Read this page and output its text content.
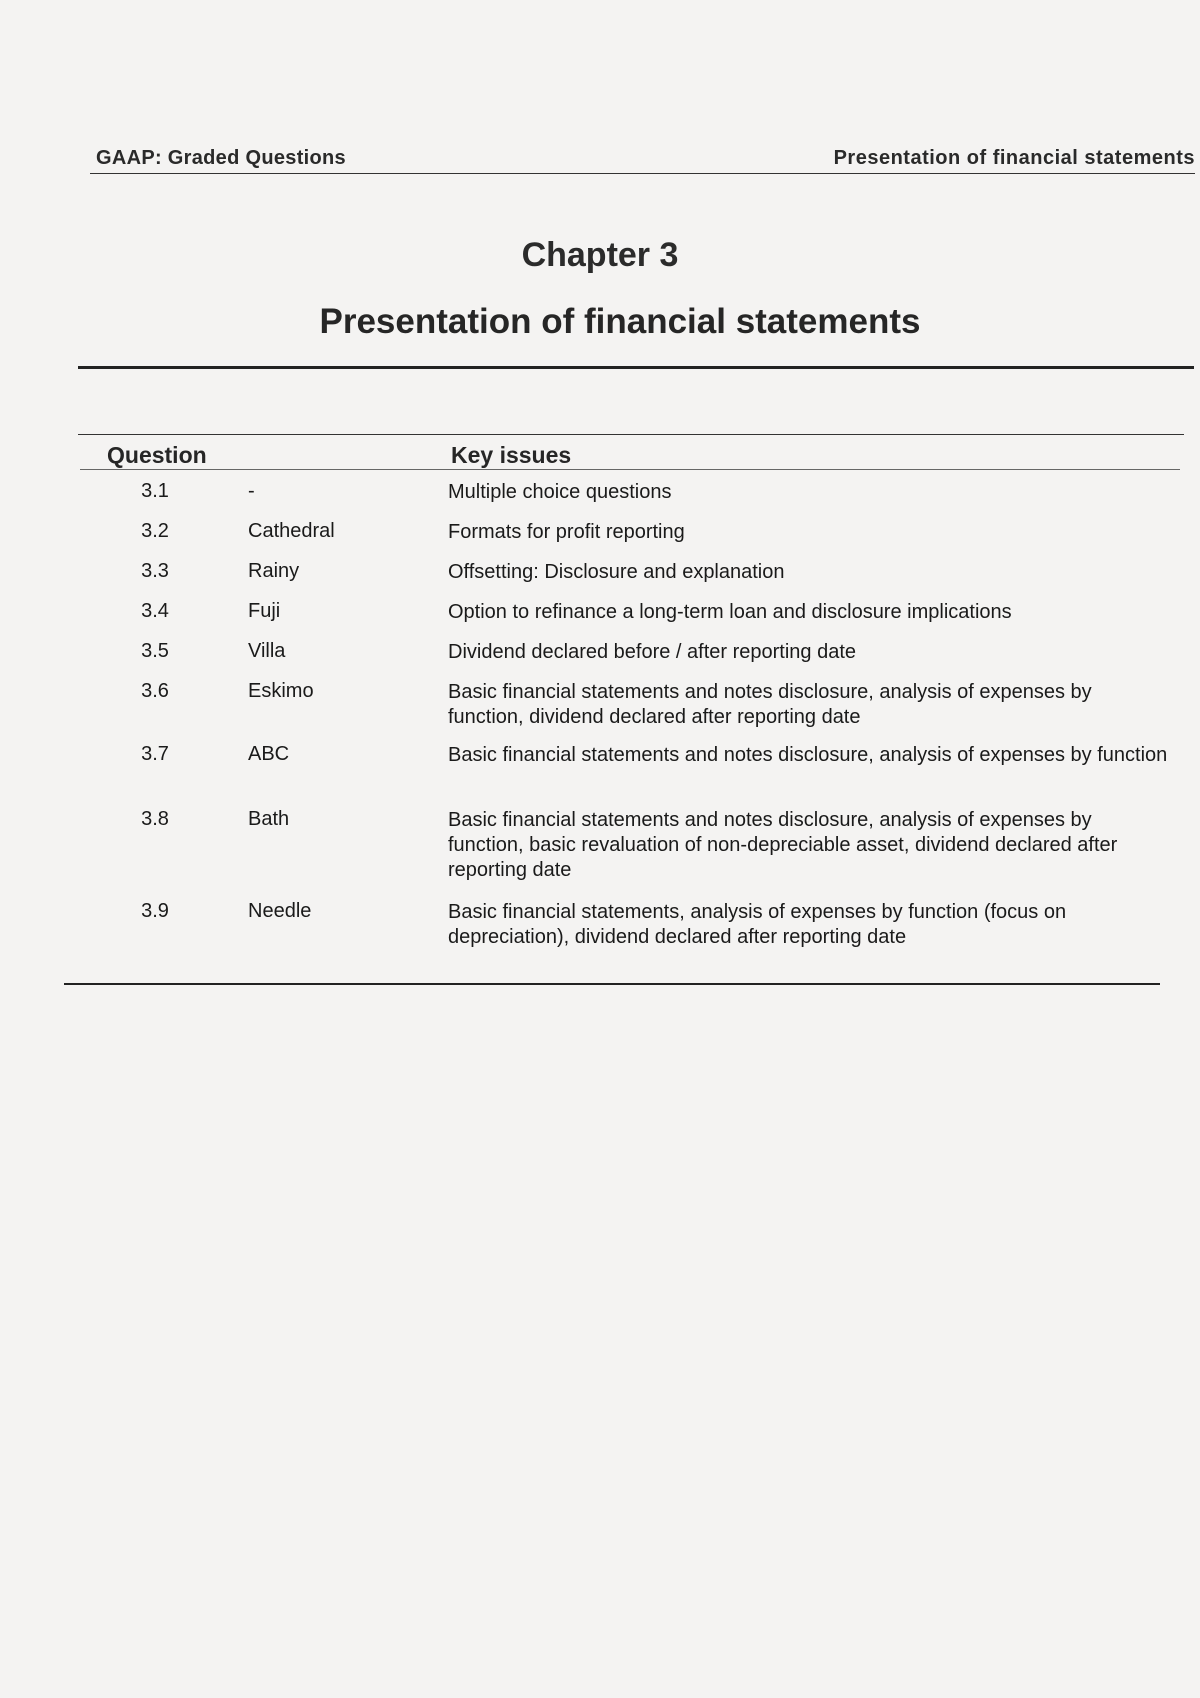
GAAP: Graded Questions	Presentation of financial statements
Chapter 3
Presentation of financial statements
Question	Key issues
3.1	-	Multiple choice questions
3.2	Cathedral	Formats for profit reporting
3.3	Rainy	Offsetting: Disclosure and explanation
3.4	Fuji	Option to refinance a long-term loan and disclosure implications
3.5	Villa	Dividend declared before / after reporting date
3.6	Eskimo	Basic financial statements and notes disclosure, analysis of expenses by function, dividend declared after reporting date
3.7	ABC	Basic financial statements and notes disclosure, analysis of expenses by function
3.8	Bath	Basic financial statements and notes disclosure, analysis of expenses by function, basic revaluation of non-depreciable asset, dividend declared after reporting date
3.9	Needle	Basic financial statements, analysis of expenses by function (focus on depreciation), dividend declared after reporting date
